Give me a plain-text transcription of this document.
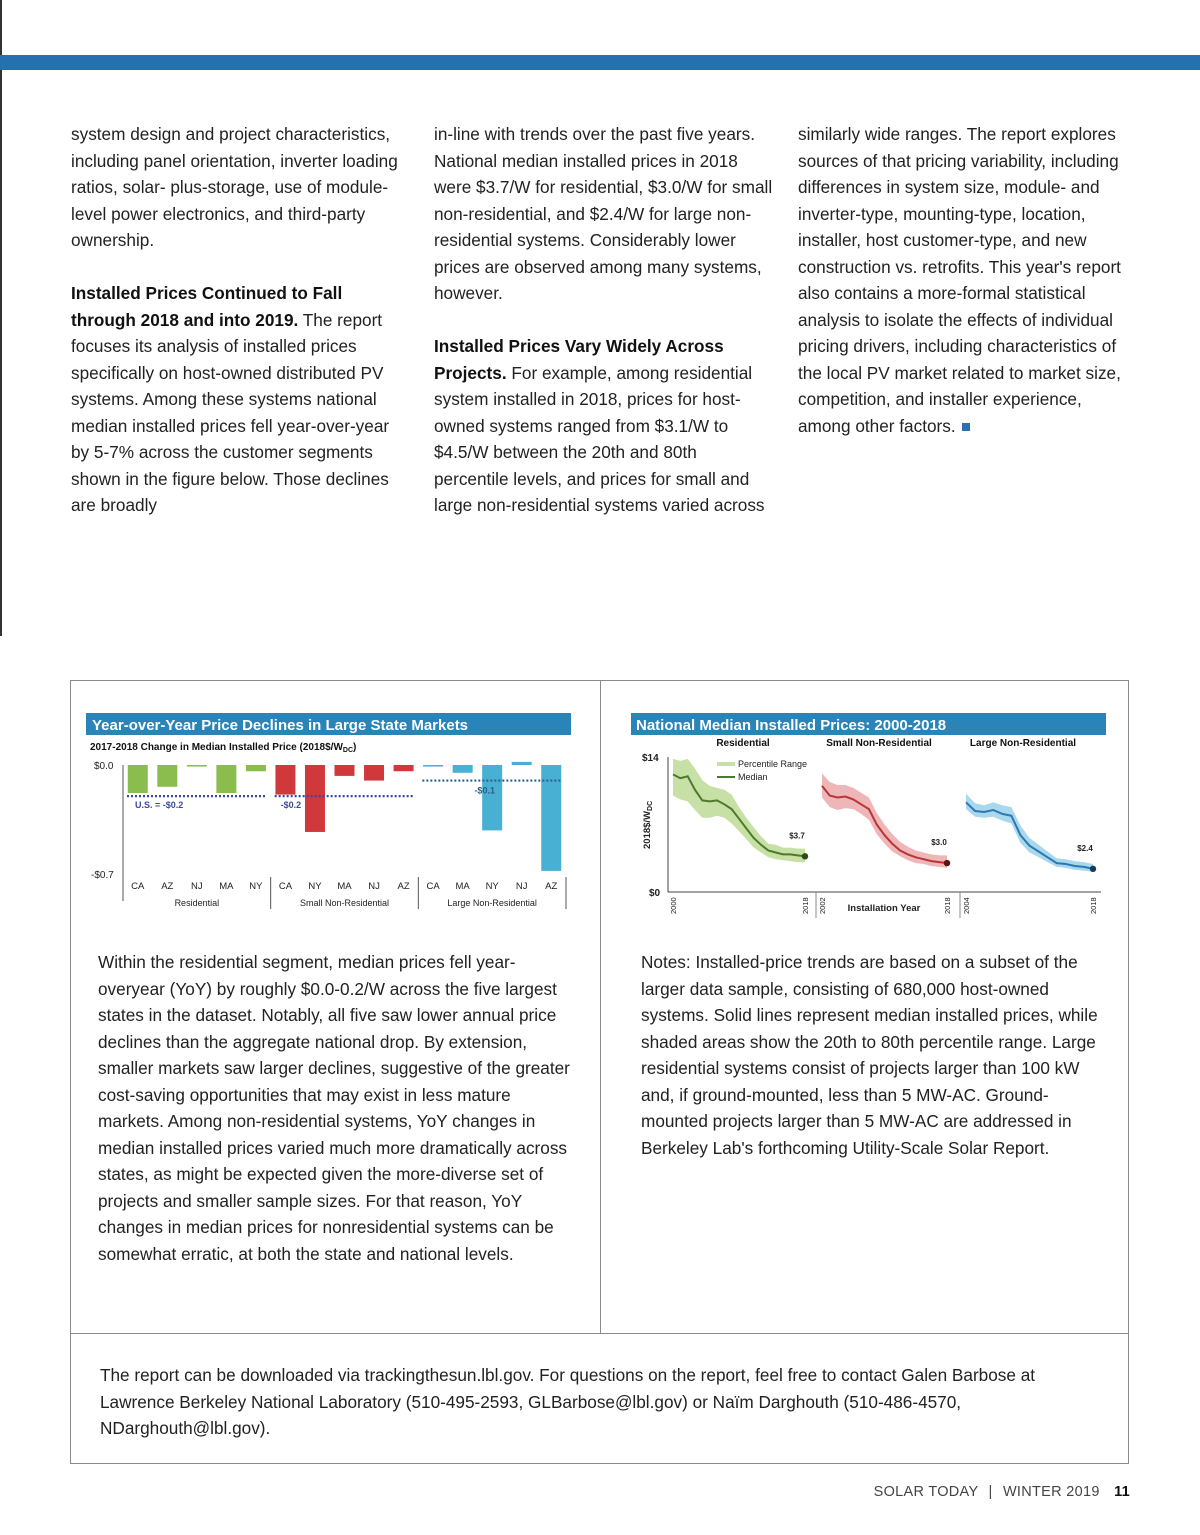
system design and project characteristics, including panel orientation, inverter loading ratios, solar- plus-storage, use of module-level power electronics, and third-party ownership.

Installed Prices Continued to Fall through 2018 and into 2019. The report focuses its analysis of installed prices specifically on host-owned distributed PV systems. Among these systems national median installed prices fell year-over-year by 5-7% across the customer segments shown in the figure below. Those declines are broadly

in-line with trends over the past five years. National median installed prices in 2018 were $3.7/W for residential, $3.0/W for small non-residential, and $2.4/W for large non-residential systems. Considerably lower prices are observed among many systems, however.

Installed Prices Vary Widely Across Projects. For example, among residential system installed in 2018, prices for host-owned systems ranged from $3.1/W to $4.5/W between the 20th and 80th percentile levels, and prices for small and large non-residential systems varied across

similarly wide ranges. The report explores sources of that pricing variability, including differences in system size, module- and inverter-type, mounting-type, location, installer, host customer-type, and new construction vs. retrofits. This year's report also contains a more-formal statistical analysis to isolate the effects of individual pricing drivers, including characteristics of the local PV market related to market size, competition, and installer experience, among other factors.

Year-over-Year Price Declines in Large State Markets
2017-2018 Change in Median Installed Price $(2018\$/W_{DC})$
$0.0
-$0.7
CA AZ NJ MA NY
U.S. = -$0.2
Residential
CA NY MA NJ AZ
-$0.2
Small Non-Residential
CA MA NY NJ AZ
-$0.1
Large Non-Residential
National Median Installed Prices: 2000-2018
$14
$0
$2018\$/W_{DC}$
$3.7
Residential
2000	2018
$3.0
Small Non-Residential
2002	2018
$2.4
Large Non-Residential
2004	2018
Installation Year
Percentile Range
Median
Within the residential segment, median prices fell year-overyear (YoY) by roughly $0.0-0.2/W across the five largest states in the dataset. Notably, all five saw lower annual price declines than the aggregate national drop. By extension, smaller markets saw larger declines, suggestive of the greater cost-saving opportunities that may exist in less mature markets. Among non-residential systems, YoY changes in median installed prices varied much more dramatically across states, as might be expected given the more-diverse set of projects and smaller sample sizes. For that reason, YoY changes in median prices for nonresidential systems can be somewhat erratic, at both the state and national levels.
Notes: Installed-price trends are based on a subset of the larger data sample, consisting of 680,000 host-owned systems. Solid lines represent median installed prices, while shaded areas show the 20th to 80th percentile range. Large residential systems consist of projects larger than 100 kW and, if ground-mounted, less than 5 MW-AC. Ground-mounted projects larger than 5 MW-AC are addressed in Berkeley Lab's forthcoming Utility-Scale Solar Report.
The report can be downloaded via trackingthesun.lbl.gov. For questions on the report, feel free to contact Galen Barbose at Lawrence Berkeley National Laboratory (510-495-2593, GLBarbose@lbl.gov) or Naïm Darghouth (510-486-4570, NDarghouth@lbl.gov).
SOLAR TODAY | WINTER 2019 11
